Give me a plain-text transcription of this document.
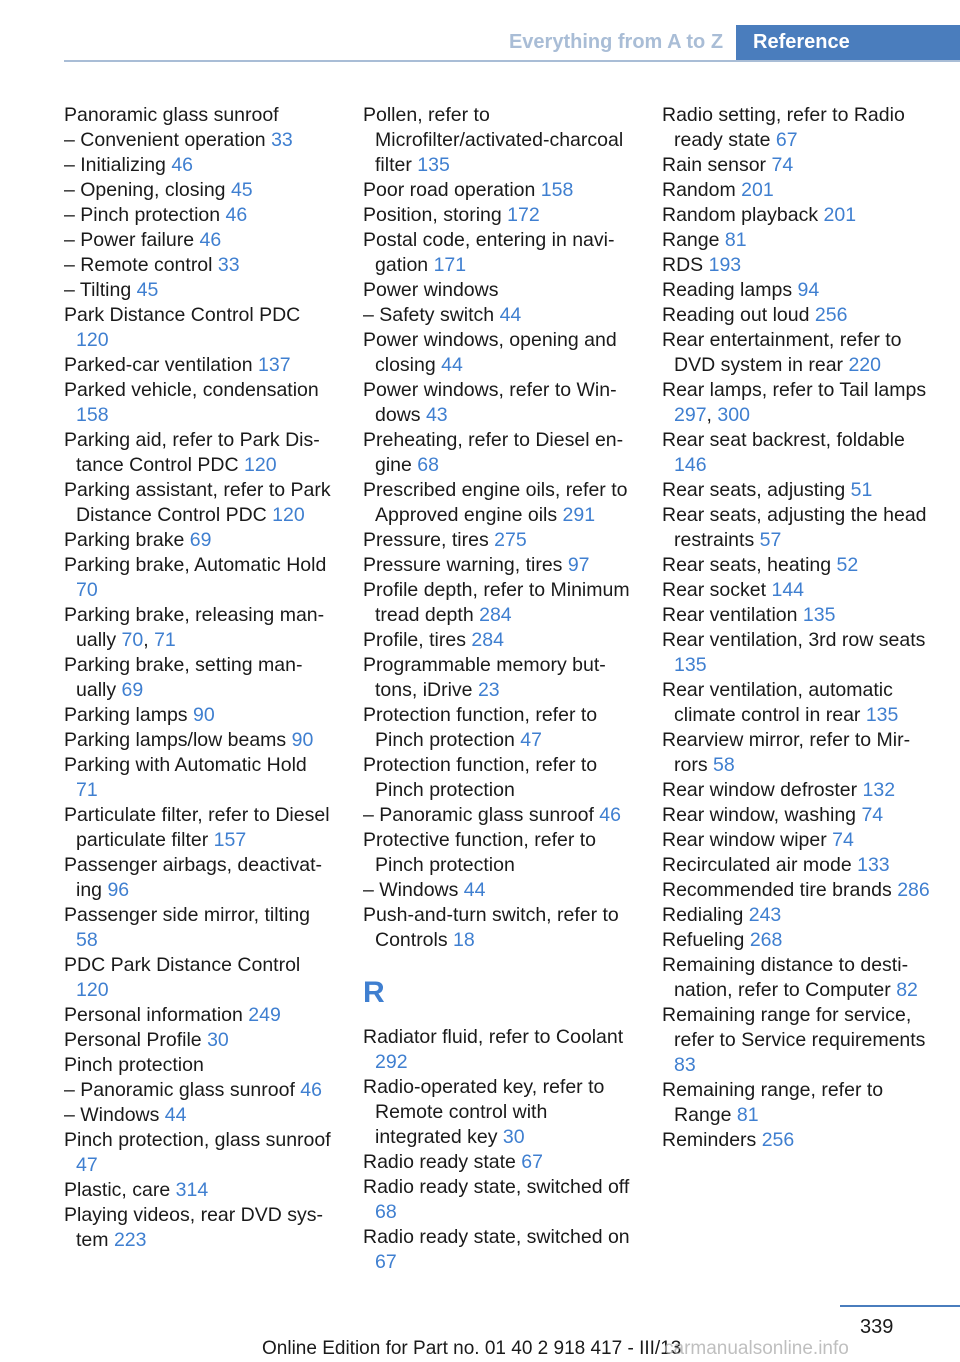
Everything from A to Z	Reference
Panoramic glass sunroof
– Convenient operation 33
– Initializing 46
– Opening, closing 45
– Pinch protection 46
– Power failure 46
– Remote control 33
– Tilting 45
Park Distance Control PDC 120
Parked-car ventilation 137
Parked vehicle, condensation 158
Parking aid, refer to Park Distance Control PDC 120
Parking assistant, refer to Park Distance Control PDC 120
Parking brake 69
Parking brake, Automatic Hold 70
Parking brake, releasing manually 70, 71
Parking brake, setting manually 69
Parking lamps 90
Parking lamps/low beams 90
Parking with Automatic Hold 71
Particulate filter, refer to Diesel particulate filter 157
Passenger airbags, deactivating 96
Passenger side mirror, tilting 58
PDC Park Distance Control 120
Personal information 249
Personal Profile 30
Pinch protection
– Panoramic glass sunroof 46
– Windows 44
Pinch protection, glass sunroof 47
Plastic, care 314
Playing videos, rear DVD system 223
Pollen, refer to Microfilter/activated-charcoal filter 135
Poor road operation 158
Position, storing 172
Postal code, entering in navigation 171
Power windows
– Safety switch 44
Power windows, opening and closing 44
Power windows, refer to Windows 43
Preheating, refer to Diesel engine 68
Prescribed engine oils, refer to Approved engine oils 291
Pressure, tires 275
Pressure warning, tires 97
Profile depth, refer to Minimum tread depth 284
Profile, tires 284
Programmable memory buttons, iDrive 23
Protection function, refer to Pinch protection 47
Protection function, refer to Pinch protection
– Panoramic glass sunroof 46
Protective function, refer to Pinch protection
– Windows 44
Push-and-turn switch, refer to Controls 18
R
Radiator fluid, refer to Coolant 292
Radio-operated key, refer to Remote control with integrated key 30
Radio ready state 67
Radio ready state, switched off 68
Radio ready state, switched on 67
Radio setting, refer to Radio ready state 67
Rain sensor 74
Random 201
Random playback 201
Range 81
RDS 193
Reading lamps 94
Reading out loud 256
Rear entertainment, refer to DVD system in rear 220
Rear lamps, refer to Tail lamps 297, 300
Rear seat backrest, foldable 146
Rear seats, adjusting 51
Rear seats, adjusting the head restraints 57
Rear seats, heating 52
Rear socket 144
Rear ventilation 135
Rear ventilation, 3rd row seats 135
Rear ventilation, automatic climate control in rear 135
Rearview mirror, refer to Mirrors 58
Rear window defroster 132
Rear window, washing 74
Rear window wiper 74
Recirculated air mode 133
Recommended tire brands 286
Redialing 243
Refueling 268
Remaining distance to destination, refer to Computer 82
Remaining range for service, refer to Service requirements 83
Remaining range, refer to Range 81
Reminders 256
339
Online Edition for Part no. 01 40 2 918 417 - III/13
carmanualsonline.info
